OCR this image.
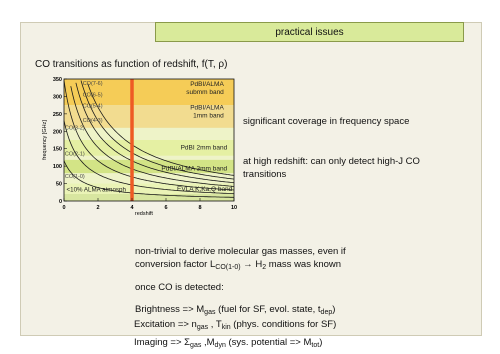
practical issues
CO transitions as function of redshift, f(T, ρ)
CO(7-6)
CO(6-5)
CO(5-4)
CO(4-3)
CO(3-2)
CO(2-1)
CO(1-0)
PdBI/ALMA
submm band
PdBI/ALMA
1mm band
PdBI 2mm band
PdBI/ALMA 3mm band
EVLA K,Ka,Q band
<10% ALMA atmosph
0
50
100
150
200
250
300
350
0	2	4	6	8	10
redshift
frequency [GHz]	significant coverage in frequency space
at high redshift: can only detect high-J CO transitions
non-trivial to derive molecular gas masses, even if
conversion factor $L_{CO(1-0)} \to H_2$ mass was known
once CO is detected:
Brightness => $M_{gas}$ (fuel for SF, evol. state, $t_{dep}$)
Excitation => $n_{gas}$ , $T_{kin}$ (phys. conditions for SF)
Imaging => $\Sigma_{gas}$ $,M_{dyn}$ (sys. potential => $M_{tot}$)
